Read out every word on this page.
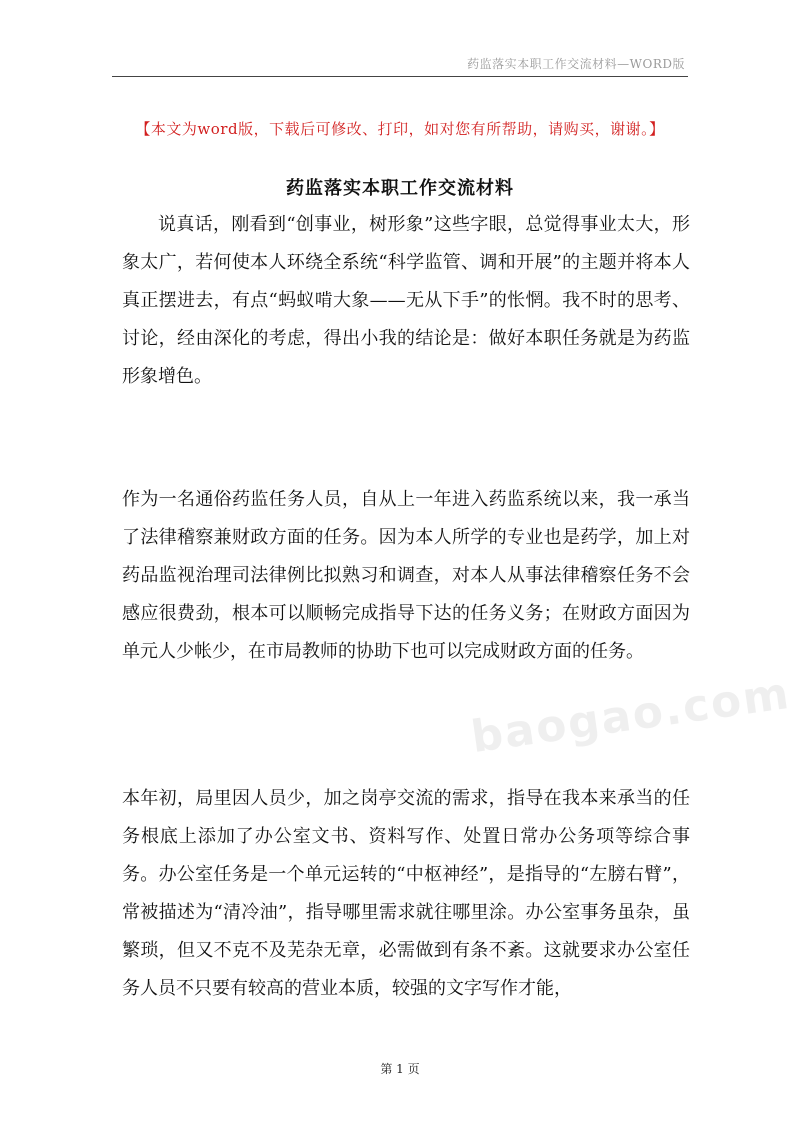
药监落实本职工作交流材料—WORD版
【本文为word版，下载后可修改、打印，如对您有所帮助，请购买，谢谢。】
药监落实本职工作交流材料

说真话，刚看到“创事业，树形象”这些字眼，总觉得事业太大，形象太广，若何使本人环绕全系统“科学监管、调和开展”的主题并将本人真正摆进去，有点“蚂蚁啃大象——无从下手”的怅惘。我不时的思考、讨论，经由深化的考虑，得出小我的结论是：做好本职任务就是为药监形象增色。

作为一名通俗药监任务人员，自从上一年进入药监系统以来，我一承当了法律稽察兼财政方面的任务。因为本人所学的专业也是药学，加上对药品监视治理司法律例比拟熟习和调查，对本人从事法律稽察任务不会感应很费劲，根本可以顺畅完成指导下达的任务义务；在财政方面因为单元人少帐少，在市局教师的协助下也可以完成财政方面的任务。

本年初，局里因人员少，加之岗亭交流的需求，指导在我本来承当的任务根底上添加了办公室文书、资料写作、处置日常办公务项等综合事务。办公室任务是一个单元运转的“中枢神经”，是指导的“左膀右臂”，常被描述为“清冷油”，指导哪里需求就往哪里涂。办公室事务虽杂，虽繁琐，但又不克不及芜杂无章，必需做到有条不紊。这就要求办公室任务人员不只要有较高的营业本质，较强的文字写作才能，

baogao.com
第 1 页
